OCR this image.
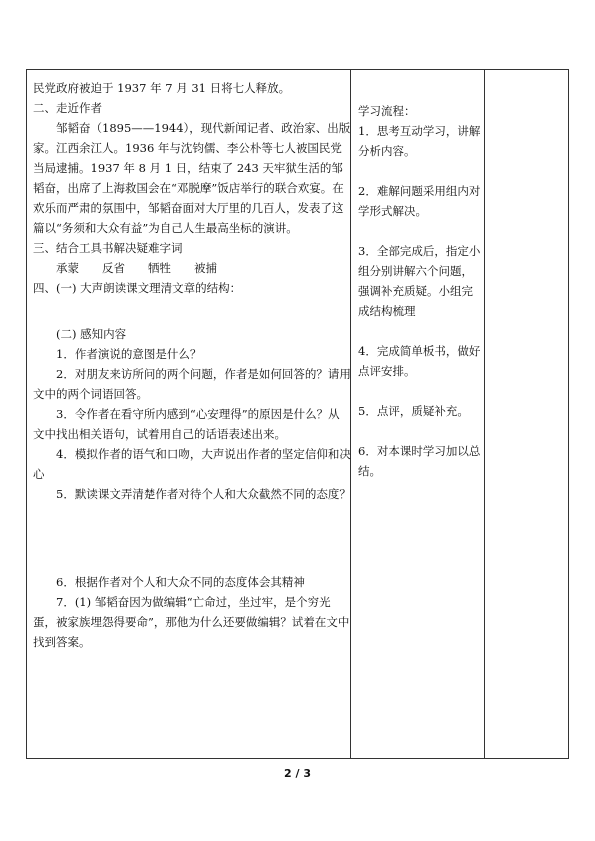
民党政府被迫于 1937 年 7 月 31 日将七人释放。

二、走近作者

邹韬奋（1895——1944），现代新闻记者、政治家、出版家。江西余江人。1936 年与沈钧儒、李公朴等七人被国民党当局逮捕。1937 年 8 月 1 日，结束了 243 天牢狱生活的邹韬奋，出席了上海救国会在“邓脱摩”饭店举行的联合欢宴。在欢乐而严肃的氛围中，邹韬奋面对大厅里的几百人，发表了这篇以“务须和大众有益”为自己人生最高坐标的演讲。

三、结合工具书解决疑难字词

承蒙　　反省　　牺牲　　被捕

四、(一) 大声朗读课文理清文章的结构：

(二) 感知内容

1．作者演说的意图是什么？

2．对朋友来访所问的两个问题，作者是如何回答的？请用文中的两个词语回答。

3．令作者在看守所内感到“心安理得”的原因是什么？从文中找出相关语句，试着用自己的话语表述出来。

4．模拟作者的语气和口吻，大声说出作者的坚定信仰和决心

5．默读课文弄清楚作者对待个人和大众截然不同的态度？

6．根据作者对个人和大众不同的态度体会其精神

7．(1) 邹韬奋因为做编辑“亡命过，坐过牢，是个穷光蛋，被家族埋怨得要命”，那他为什么还要做编辑？试着在文中找到答案。

学习流程：

1．思考互动学习，讲解分析内容。

2．难解问题采用组内对学形式解决。

3．全部完成后，指定小组分别讲解六个问题，强调补充质疑。小组完成结构梳理

4．完成简单板书，做好点评安排。

5．点评，质疑补充。

6．对本课时学习加以总结。

2 / 3
